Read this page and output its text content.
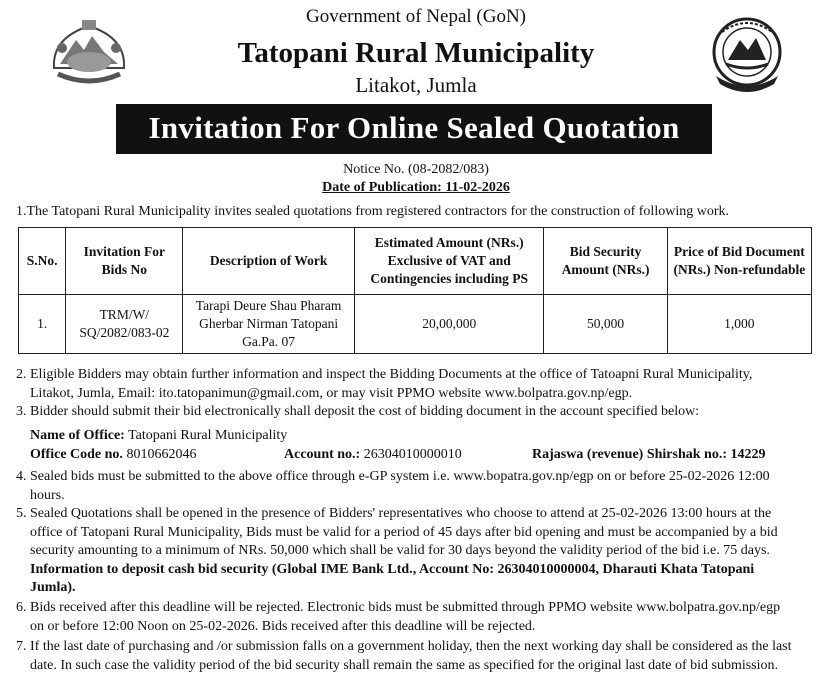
Government of Nepal (GoN)
Tatopani Rural Municipality
Litakot, Jumla
Invitation For Online Sealed Quotation
Notice No. (08-2082/083)
Date of Publication: 11-02-2026
1.The Tatopani Rural Municipality invites sealed quotations from registered contractors for the construction of following work.
S.No.	Invitation For Bids No	Description of Work	Estimated Amount (NRs.) Exclusive of VAT and Contingencies including PS	Bid Security Amount (NRs.)	Price of Bid Document (NRs.) Non-refundable
1.	TRM/W/ SQ/2082/083-02	Tarapi Deure Shau Pharam Gherbar Nirman Tatopani Ga.Pa. 07	20,00,000	50,000	1,000
2. Eligible Bidders may obtain further information and inspect the Bidding Documents at the office of Tatoapni Rural Municipality,
Litakot, Jumla, Email: ito.tatopanimun@gmail.com, or may visit PPMO website www.bolpatra.gov.np/egp.
3. Bidder should submit their bid electronically shall deposit the cost of bidding document in the account specified below:
Name of Office: Tatopani Rural Municipality
Office Code no. 8010662046	Account no.: 26304010000010	Rajaswa (revenue) Shirshak no.: 14229
4. Sealed bids must be submitted to the above office through e-GP system i.e. www.bopatra.gov.np/egp on or before 25-02-2026 12:00
hours.
5. Sealed Quotations shall be opened in the presence of Bidders' representatives who choose to attend at 25-02-2026 13:00 hours at the
office of Tatopani Rural Municipality, Bids must be valid for a period of 45 days after bid opening and must be accompanied by a bid
security amounting to a minimum of NRs. 50,000 which shall be valid for 30 days beyond the validity period of the bid i.e. 75 days.
Information to deposit cash bid security (Global IME Bank Ltd., Account No: 26304010000004, Dharauti Khata Tatopani
Jumla).
6. Bids received after this deadline will be rejected. Electronic bids must be submitted through PPMO website www.bolpatra.gov.np/egp
on or before 12:00 Noon on 25-02-2026. Bids received after this deadline will be rejected.
7. If the last date of purchasing and /or submission falls on a government holiday, then the next working day shall be considered as the last
date. In such case the validity period of the bid security shall remain the same as specified for the original last date of bid submission.
